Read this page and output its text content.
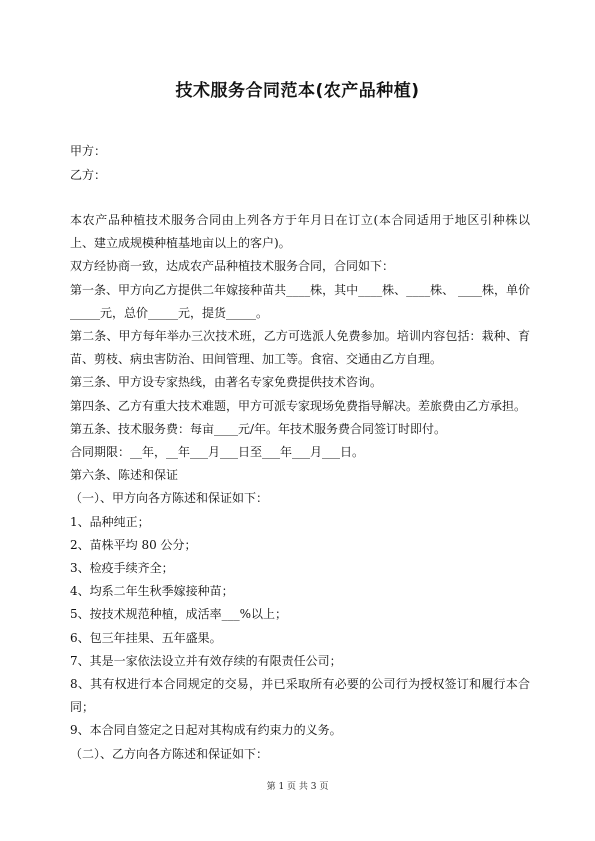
技术服务合同范本(农产品种植)
甲方：
乙方：

本农产品种植技术服务合同由上列各方于年月日在订立(本合同适用于地区引种株以上、建立成规模种植基地亩以上的客户)。

双方经协商一致，达成农产品种植技术服务合同，合同如下：

第一条、甲方向乙方提供二年嫁接种苗共____株，其中____株、____株、 ____株，单价_____元，总价_____元，提货_____。

第二条、甲方每年举办三次技术班，乙方可选派人免费参加。培训内容包括：栽种、育苗、剪枝、病虫害防治、田间管理、加工等。食宿、交通由乙方自理。

第三条、甲方设专家热线，由著名专家免费提供技术咨询。

第四条、乙方有重大技术难题，甲方可派专家现场免费指导解决。差旅费由乙方承担。

第五条、技术服务费：每亩____元/年。年技术服务费合同签订时即付。

合同期限：__年，__年___月___日至___年___月___日。

第六条、陈述和保证

（一）、甲方向各方陈述和保证如下：

1、品种纯正；

2、苗株平均 80 公分；

3、检疫手续齐全；

4、均系二年生秋季嫁接种苗；

5、按技术规范种植，成活率___%以上；

6、包三年挂果、五年盛果。

7、其是一家依法设立并有效存续的有限责任公司；

8、其有权进行本合同规定的交易，并已采取所有必要的公司行为授权签订和履行本合同；

9、本合同自签定之日起对其构成有约束力的义务。

（二）、乙方向各方陈述和保证如下：

第 1 页 共 3 页
